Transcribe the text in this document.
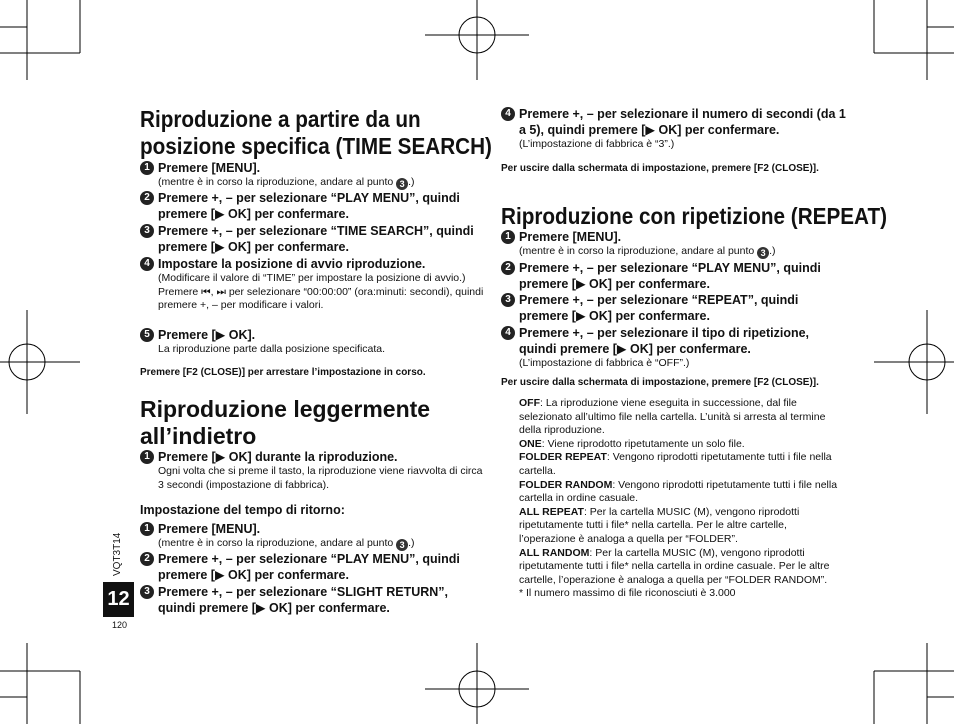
Riproduzione a partire da un
posizione specifica (TIME SEARCH)
1 Premere [MENU].
(mentre è in corso la riproduzione, andare al punto 3 .)
2 Premere +, – per selezionare “PLAY MENU”, quindi premere [▶ OK] per confermare.
3 Premere +, – per selezionare “TIME SEARCH”, quindi premere [▶ OK] per confermare.
4 Impostare la posizione di avvio riproduzione.
(Modificare il valore di “TIME” per impostare la posizione di avvio.)
Premere ⏮, ⏭ per selezionare “00:00:00” (ora:minuti: secondi), quindi premere +, – per modificare i valori.
5 Premere [▶ OK].
La riproduzione parte dalla posizione specificata.
Premere [F2 (CLOSE)] per arrestare l’impostazione in corso.
Riproduzione leggermente
all’indietro
1 Premere [▶ OK] durante la riproduzione.
Ogni volta che si preme il tasto, la riproduzione viene riavvolta di circa 3 secondi (impostazione di fabbrica).
Impostazione del tempo di ritorno:
1 Premere [MENU].
(mentre è in corso la riproduzione, andare al punto 3 .)
2 Premere +, – per selezionare “PLAY MENU”, quindi premere [▶ OK] per confermare.
3 Premere +, – per selezionare “SLIGHT RETURN”, quindi premere [▶ OK] per confermare.
VQT3T14
12
120
4 Premere +, – per selezionare il numero di secondi (da 1 a 5), quindi premere [▶ OK] per confermare.
(L’impostazione di fabbrica è “3”.)
Per uscire dalla schermata di impostazione, premere [F2 (CLOSE)].
Riproduzione con ripetizione (REPEAT)
1 Premere [MENU].
(mentre è in corso la riproduzione, andare al punto 3 .)
2 Premere +, – per selezionare “PLAY MENU”, quindi premere [▶ OK] per confermare.
3 Premere +, – per selezionare “REPEAT”, quindi premere [▶ OK] per confermare.
4 Premere +, – per selezionare il tipo di ripetizione, quindi premere [▶ OK] per confermare.
(L’impostazione di fabbrica è “OFF”.)
Per uscire dalla schermata di impostazione, premere [F2 (CLOSE)].
OFF: La riproduzione viene eseguita in successione, dal file selezionato all’ultimo file nella cartella. L’unità si arresta al termine della riproduzione.
ONE: Viene riprodotto ripetutamente un solo file.
FOLDER REPEAT: Vengono riprodotti ripetutamente tutti i file nella cartella.
FOLDER RANDOM: Vengono riprodotti ripetutamente tutti i file nella cartella in ordine casuale.
ALL REPEAT: Per la cartella MUSIC (M), vengono riprodotti ripetutamente tutti i file* nella cartella. Per le altre cartelle, l’operazione è analoga a quella per “FOLDER”.
ALL RANDOM: Per la cartella MUSIC (M), vengono riprodotti ripetutamente tutti i file* nella cartella in ordine casuale. Per le altre cartelle, l’operazione è analoga a quella per “FOLDER RANDOM”.
* Il numero massimo di file riconosciuti è 3.000
